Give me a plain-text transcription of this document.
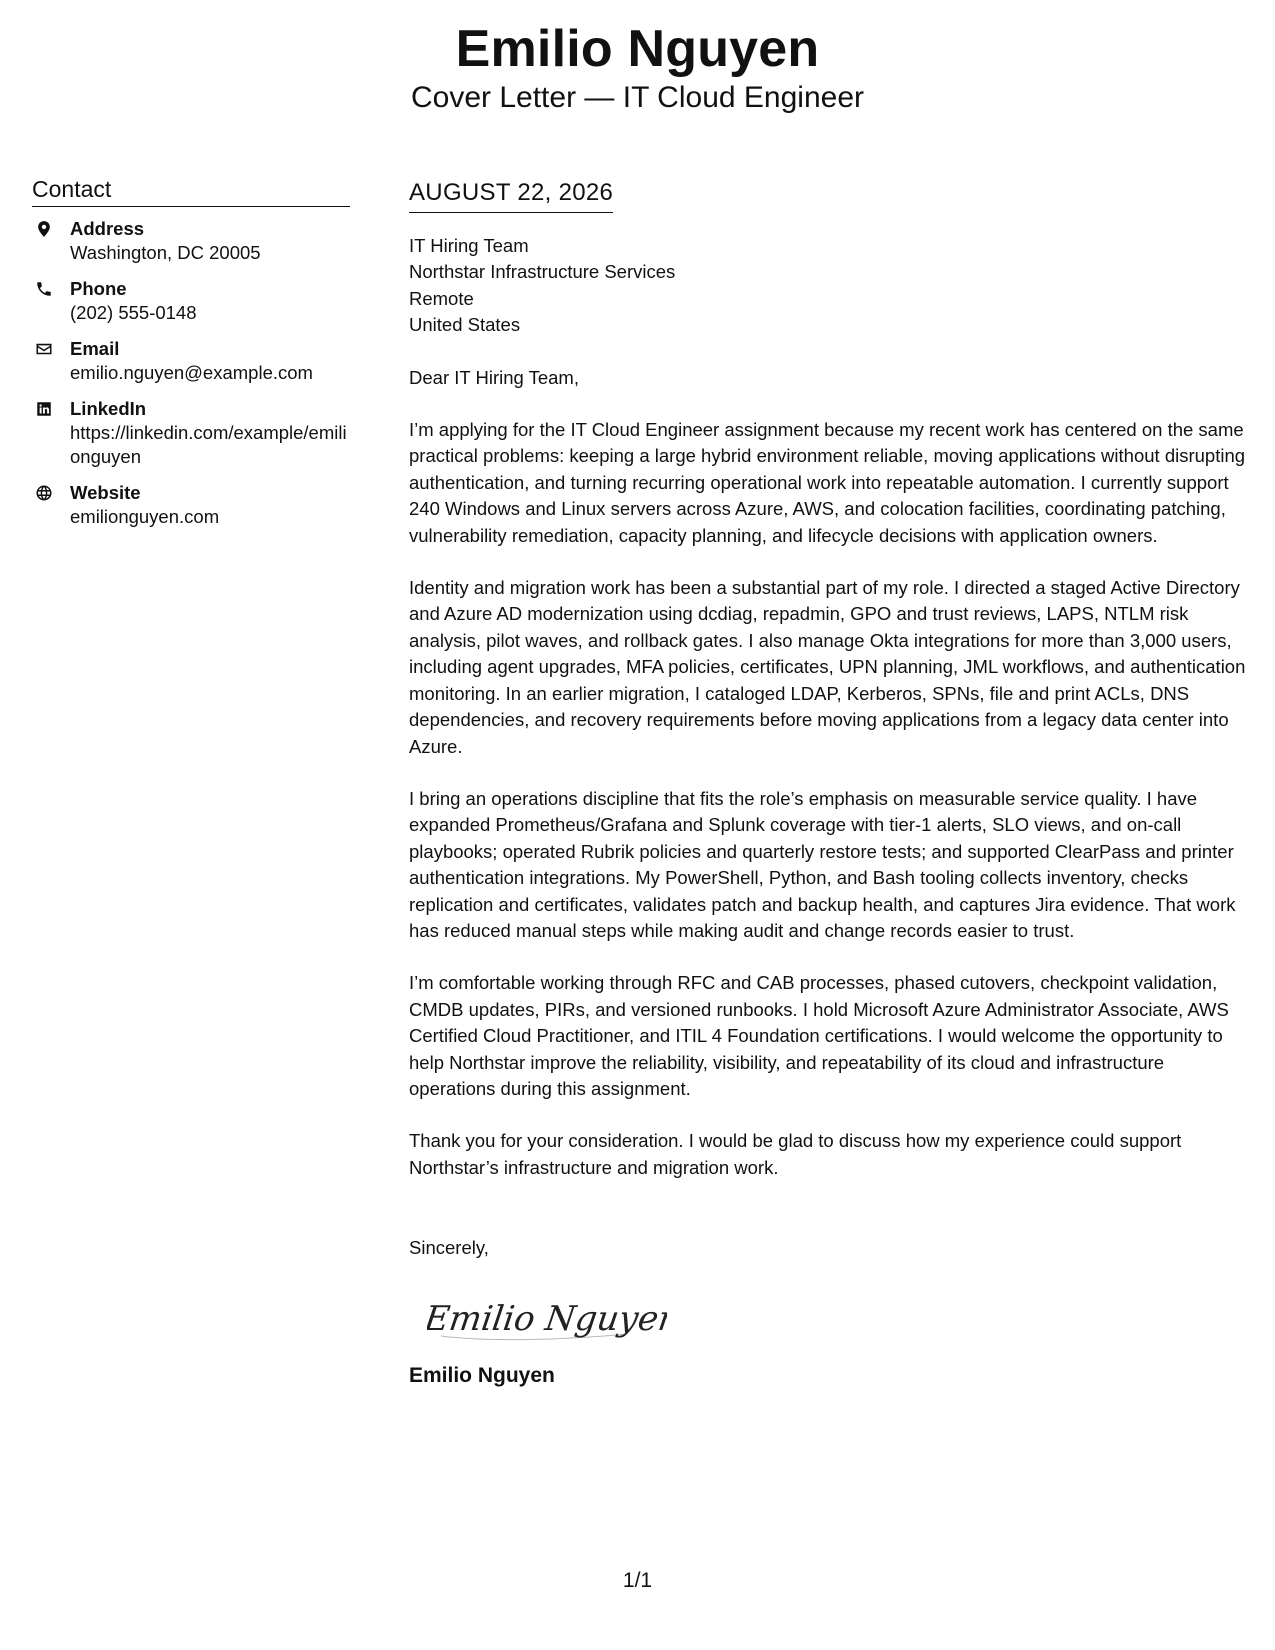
Emilio Nguyen
Cover Letter — IT Cloud Engineer
Contact
Address
Washington, DC 20005
Phone
(202) 555-0148
Email
emilio.nguyen@example.com
LinkedIn
https://linkedin.com/example/emilionguyen
Website
emilionguyen.com
AUGUST 22, 2026
IT Hiring Team
Northstar Infrastructure Services
Remote
United States

Dear IT Hiring Team,

I’m applying for the IT Cloud Engineer assignment because my recent work has centered on the same practical problems: keeping a large hybrid environment reliable, moving applications without disrupting authentication, and turning recurring operational work into repeatable automation. I currently support 240 Windows and Linux servers across Azure, AWS, and colocation facilities, coordinating patching, vulnerability remediation, capacity planning, and lifecycle decisions with application owners.

Identity and migration work has been a substantial part of my role. I directed a staged Active Directory and Azure AD modernization using dcdiag, repadmin, GPO and trust reviews, LAPS, NTLM risk analysis, pilot waves, and rollback gates. I also manage Okta integrations for more than 3,000 users, including agent upgrades, MFA policies, certificates, UPN planning, JML workflows, and authentication monitoring. In an earlier migration, I cataloged LDAP, Kerberos, SPNs, file and print ACLs, DNS dependencies, and recovery requirements before moving applications from a legacy data center into Azure.

I bring an operations discipline that fits the role’s emphasis on measurable service quality. I have expanded Prometheus/Grafana and Splunk coverage with tier-1 alerts, SLO views, and on-call playbooks; operated Rubrik policies and quarterly restore tests; and supported ClearPass and printer authentication integrations. My PowerShell, Python, and Bash tooling collects inventory, checks replication and certificates, validates patch and backup health, and captures Jira evidence. That work has reduced manual steps while making audit and change records easier to trust.

I’m comfortable working through RFC and CAB processes, phased cutovers, checkpoint validation, CMDB updates, PIRs, and versioned runbooks. I hold Microsoft Azure Administrator Associate, AWS Certified Cloud Practitioner, and ITIL 4 Foundation certifications. I would welcome the opportunity to help Northstar improve the reliability, visibility, and repeatability of its cloud and infrastructure operations during this assignment.

Thank you for your consideration. I would be glad to discuss how my experience could support Northstar’s infrastructure and migration work.

Sincerely,

Emilio Nguyen
Emilio Nguyen
1/1
